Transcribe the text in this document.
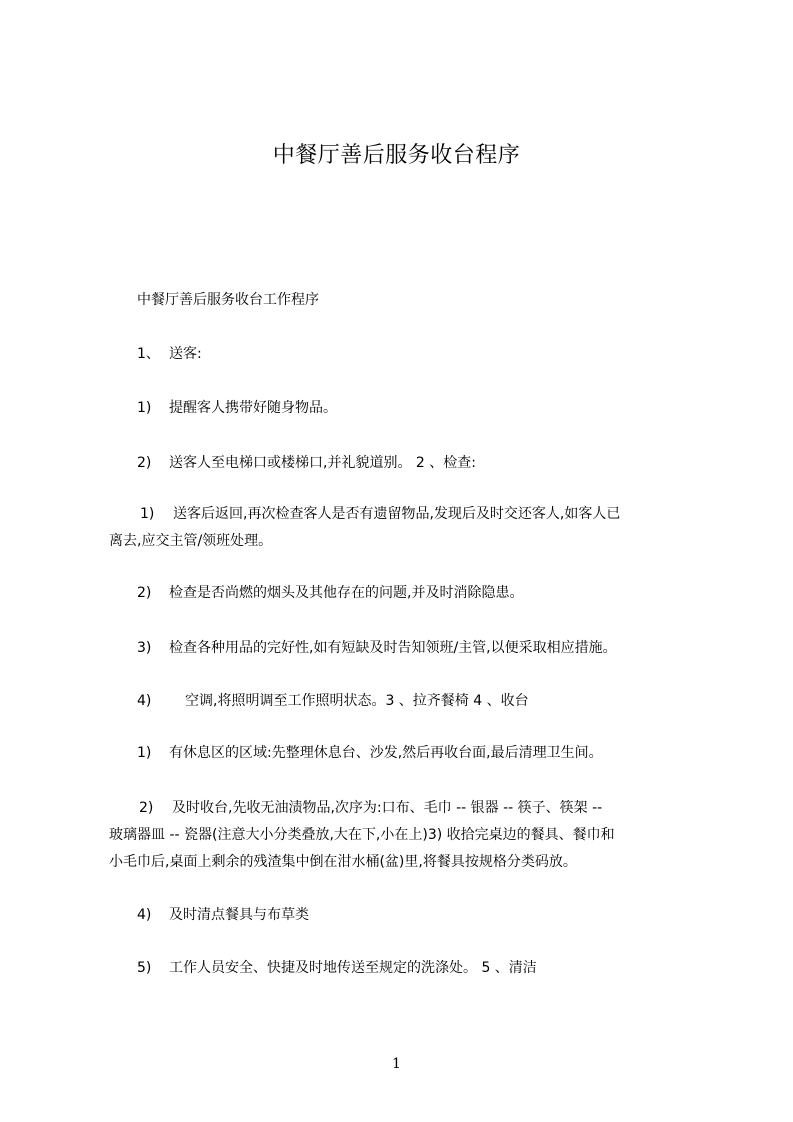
中餐厅善后服务收台程序
中餐厅善后服务收台工作程序
1、 送客:
1) 提醒客人携带好随身物品。
2) 送客人至电梯口或楼梯口,并礼貌道别。 2 、检查:
1) 送客后返回,再次检查客人是否有遗留物品,发现后及时交还客人,如客人已
离去,应交主管/领班处理。
2) 检查是否尚燃的烟头及其他存在的问题,并及时消除隐患。
3) 检查各种用品的完好性,如有短缺及时告知领班/主管,以便采取相应措施。
4) 空调,将照明调至工作照明状态。3 、拉齐餐椅 4 、收台
1) 有休息区的区域:先整理休息台、沙发,然后再收台面,最后清理卫生间。
2) 及时收台,先收无油渍物品,次序为:口布、毛巾 -- 银器 -- 筷子、筷架 --
玻璃器皿 -- 瓷器(注意大小分类叠放,大在下,小在上)3) 收拾完桌边的餐具、餐巾和
小毛巾后,桌面上剩余的残渣集中倒在泔水桶(盆)里,将餐具按规格分类码放。
4) 及时清点餐具与布草类
5) 工作人员安全、快捷及时地传送至规定的洗涤处。 5 、清洁
1
